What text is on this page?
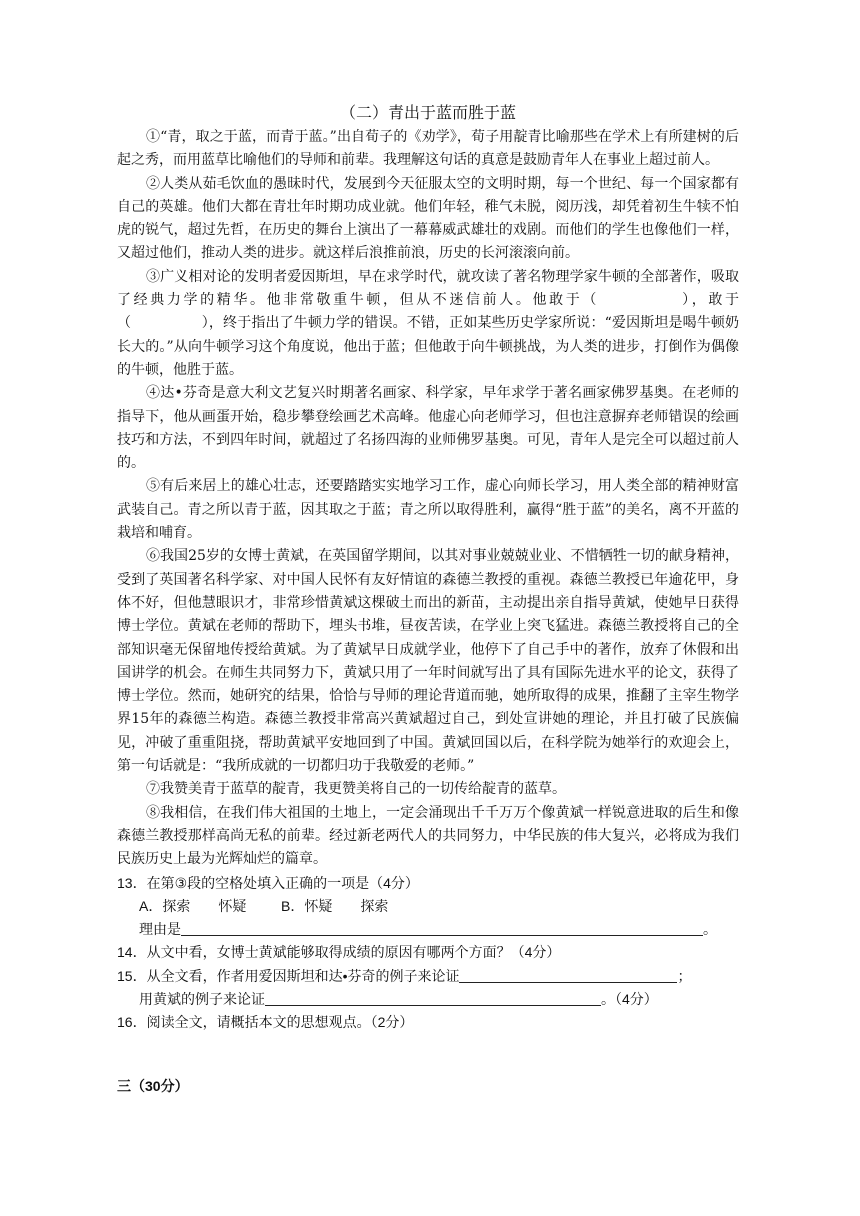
（二）青出于蓝而胜于蓝

①“青，取之于蓝，而青于蓝。”出自荀子的《劝学》，荀子用靛青比喻那些在学术上有所建树的后起之秀，而用蓝草比喻他们的导师和前辈。我理解这句话的真意是鼓励青年人在事业上超过前人。

②人类从茹毛饮血的愚昧时代，发展到今天征服太空的文明时期，每一个世纪、每一个国家都有自己的英雄。他们大都在青壮年时期功成业就。他们年轻，稚气未脱，阅历浅，却凭着初生牛犊不怕虎的锐气，超过先哲，在历史的舞台上演出了一幕幕威武雄壮的戏剧。而他们的学生也像他们一样，又超过他们，推动人类的进步。就这样后浪推前浪，历史的长河滚滚向前。

③广义相对论的发明者爱因斯坦，早在求学时代，就攻读了著名物理学家牛顿的全部著作，吸取了经典力学的精华。他非常敬重牛顿，但从不迷信前人。他敢于（　　　　　），敢于（　　　　　），终于指出了牛顿力学的错误。不错，正如某些历史学家所说：“爱因斯坦是喝牛顿奶长大的。”从向牛顿学习这个角度说，他出于蓝；但他敢于向牛顿挑战，为人类的进步，打倒作为偶像的牛顿，他胜于蓝。

④达•芬奇是意大利文艺复兴时期著名画家、科学家，早年求学于著名画家佛罗基奥。在老师的指导下，他从画蛋开始，稳步攀登绘画艺术高峰。他虚心向老师学习，但也注意摒弃老师错误的绘画技巧和方法，不到四年时间，就超过了名扬四海的业师佛罗基奥。可见，青年人是完全可以超过前人的。

⑤有后来居上的雄心壮志，还要踏踏实实地学习工作，虚心向师长学习，用人类全部的精神财富武装自己。青之所以青于蓝，因其取之于蓝；青之所以取得胜利，赢得“胜于蓝”的美名，离不开蓝的栽培和哺育。

⑥我国25岁的女博士黄斌，在英国留学期间，以其对事业兢兢业业、不惜牺牲一切的献身精神，受到了英国著名科学家、对中国人民怀有友好情谊的森德兰教授的重视。森德兰教授已年逾花甲，身体不好，但他慧眼识才，非常珍惜黄斌这棵破土而出的新苗，主动提出亲自指导黄斌，使她早日获得博士学位。黄斌在老师的帮助下，埋头书堆，昼夜苦读，在学业上突飞猛进。森德兰教授将自己的全部知识毫无保留地传授给黄斌。为了黄斌早日成就学业，他停下了自己手中的著作，放弃了休假和出国讲学的机会。在师生共同努力下，黄斌只用了一年时间就写出了具有国际先进水平的论文，获得了博士学位。然而，她研究的结果，恰恰与导师的理论背道而驰，她所取得的成果，推翻了主宰生物学界15年的森德兰构造。森德兰教授非常高兴黄斌超过自己，到处宣讲她的理论，并且打破了民族偏见，冲破了重重阻挠，帮助黄斌平安地回到了中国。黄斌回国以后，在科学院为她举行的欢迎会上，第一句话就是：“我所成就的一切都归功于我敬爱的老师。”

⑦我赞美青于蓝草的靛青，我更赞美将自己的一切传给靛青的蓝草。

⑧我相信，在我们伟大祖国的土地上，一定会涌现出千千万万个像黄斌一样锐意进取的后生和像森德兰教授那样高尚无私的前辈。经过新老两代人的共同努力，中华民族的伟大复兴，必将成为我们民族历史上最为光辉灿烂的篇章。

13．在第③段的空格处填入正确的一项是（4分）

A．探索　　怀疑 B．怀疑　　探索

理由是	。

14．从文中看，女博士黄斌能够取得成绩的原因有哪两个方面？（4分）

15．从全文看，作者用爱因斯坦和达•芬奇的例子来论证	；

用黄斌的例子来论证	。（4分）

16．阅读全文，请概括本文的思想观点。（2分）

三（30分）
